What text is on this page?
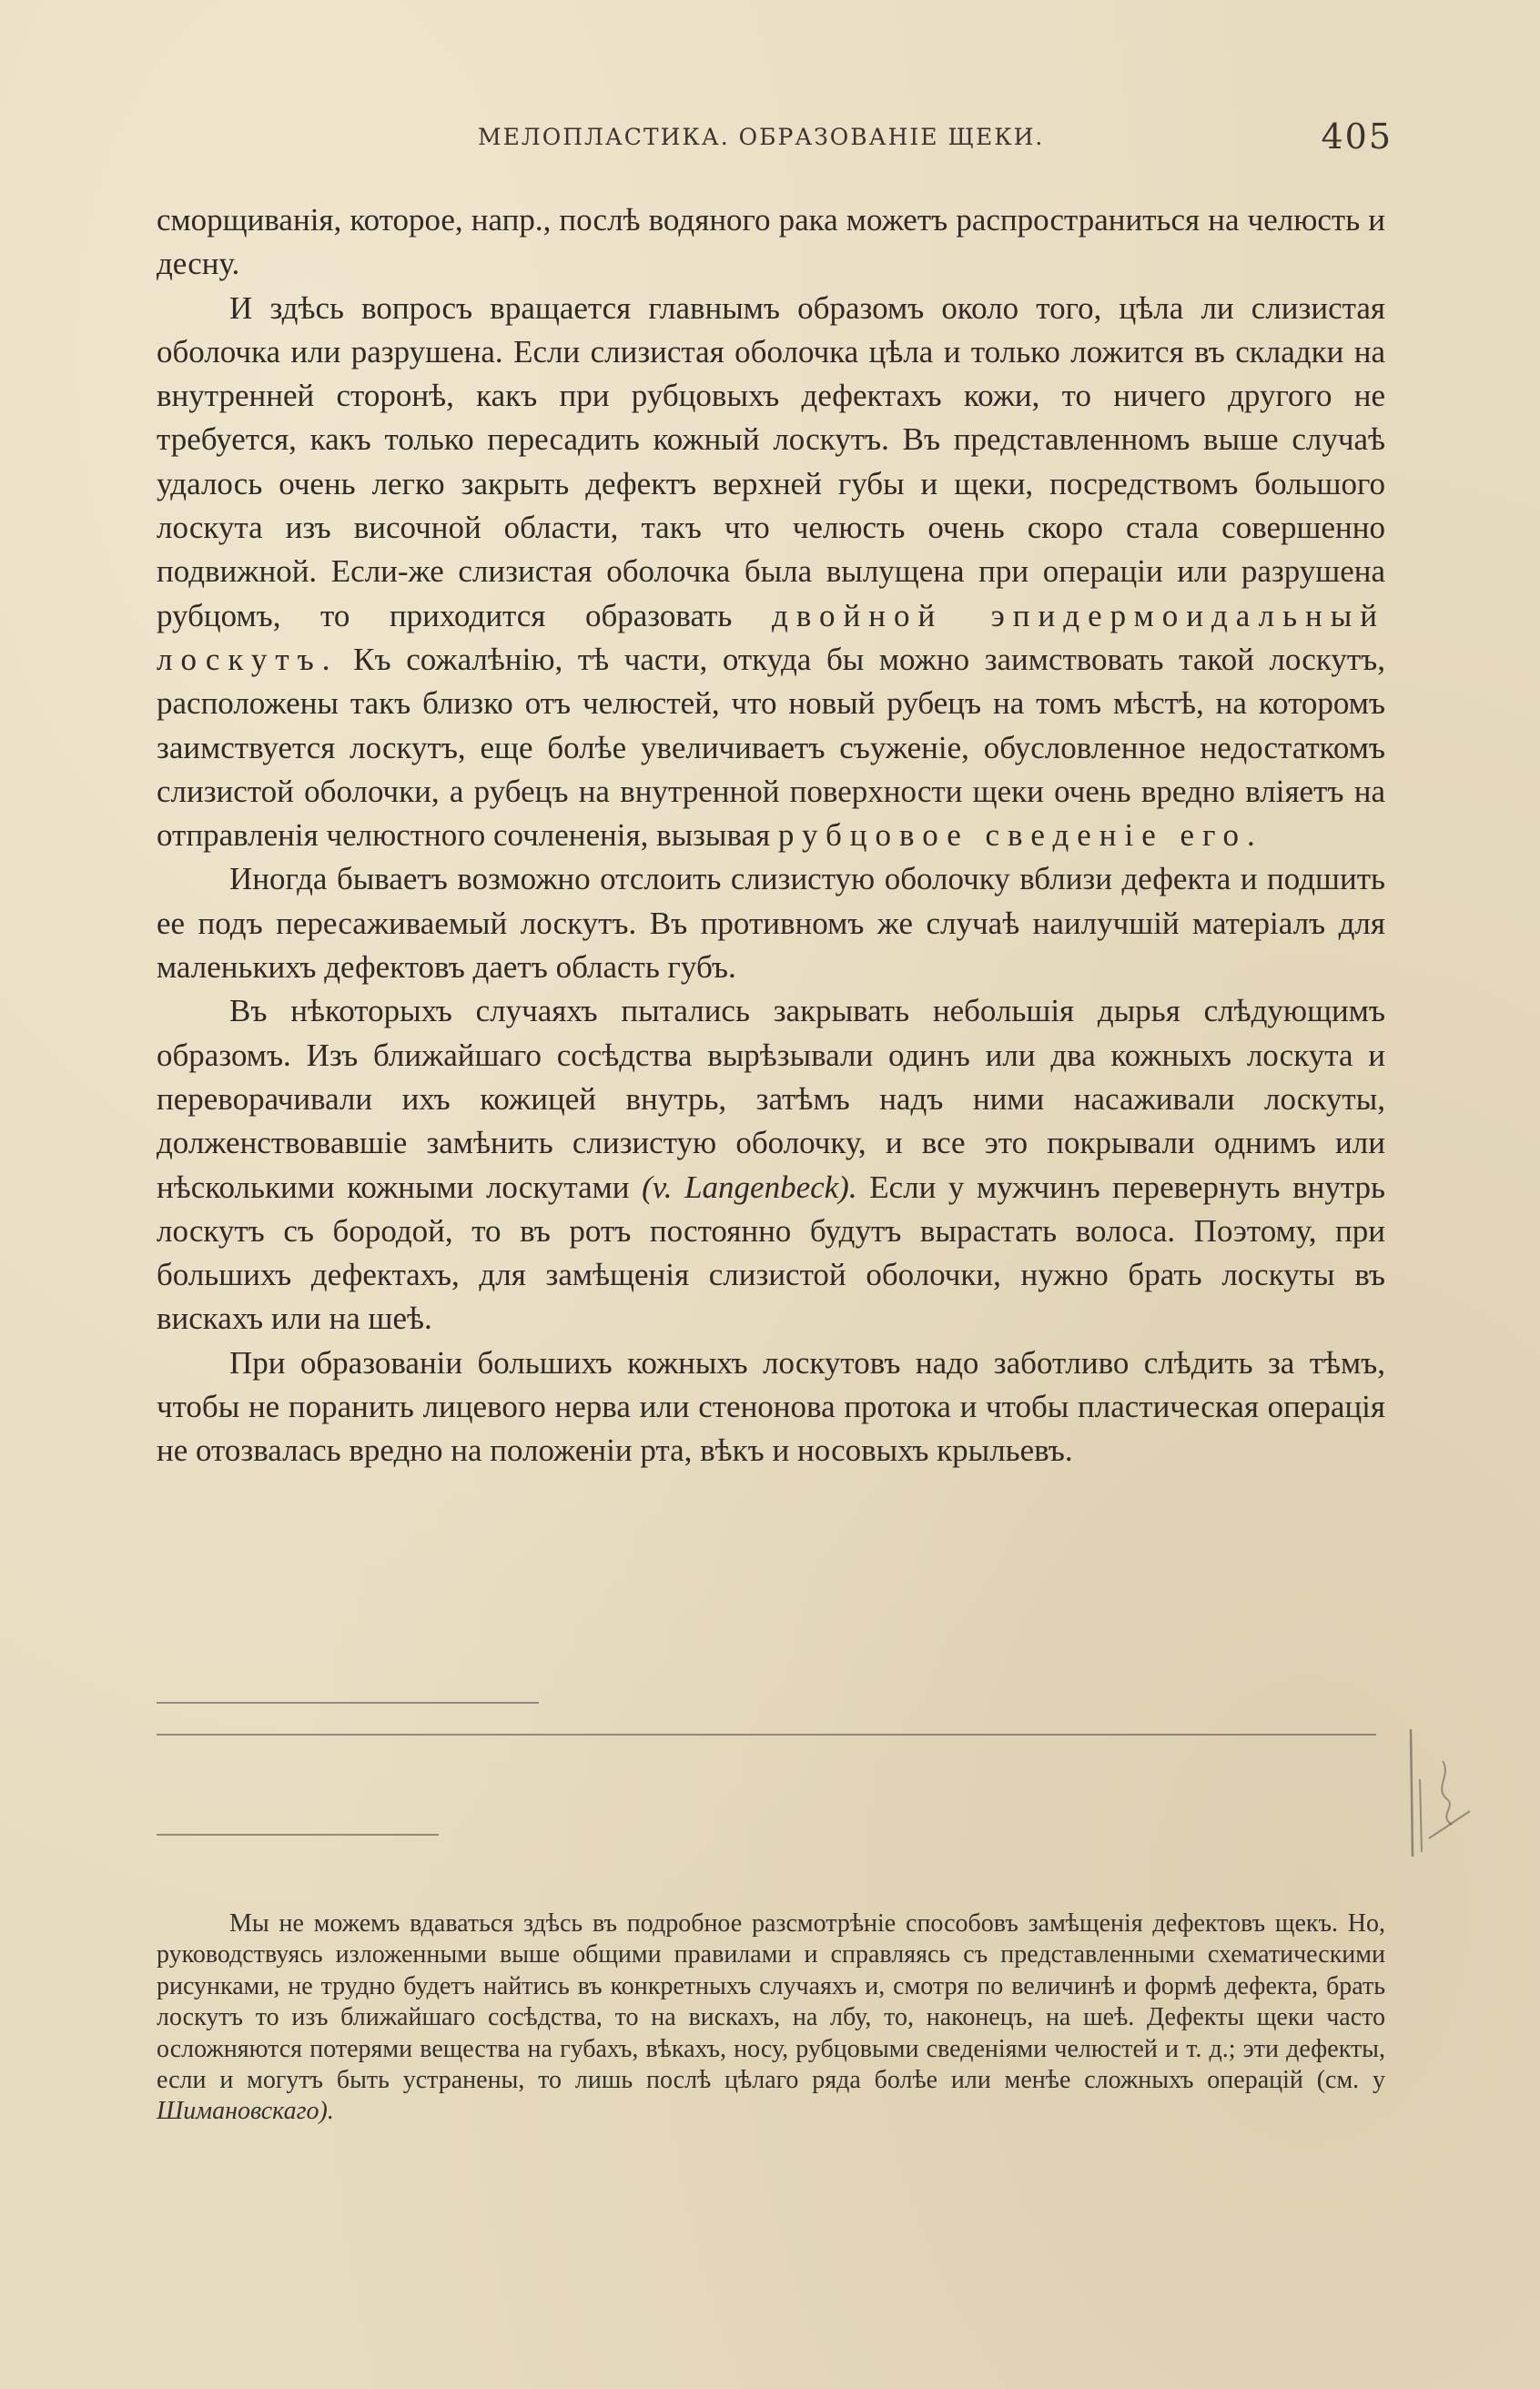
МЕЛОПЛАСТИКА. ОБРАЗОВАНІЕ ЩЕКИ.	405

сморщиванія, которое, напр., послѣ водяного рака можетъ распространиться на челюсть и десну.

И здѣсь вопросъ вращается главнымъ образомъ около того, цѣла ли слизистая оболочка или разрушена. Если слизистая оболочка цѣла и только ложится въ складки на внутренней сторонѣ, какъ при рубцовыхъ дефектахъ кожи, то ничего другого не требуется, какъ только пересадить кожный лоскутъ. Въ представленномъ выше случаѣ удалось очень легко закрыть дефектъ верхней губы и щеки, посредствомъ большого лоскута изъ височной области, такъ что челюсть очень скоро стала совершенно подвижной. Если-же слизистая оболочка была вылущена при операціи или разрушена рубцомъ, то приходится образовать двойной эпидермоидальный лоскутъ. Къ сожалѣнію, тѣ части, откуда бы можно заимствовать такой лоскутъ, расположены такъ близко отъ челюстей, что новый рубецъ на томъ мѣстѣ, на которомъ заимствуется лоскутъ, еще болѣе увеличиваетъ съуженіе, обусловленное недостаткомъ слизистой оболочки, а рубецъ на внутренной поверхности щеки очень вредно вліяетъ на отправленія челюстного сочлененія, вызывая рубцовое сведеніе его.

Иногда бываетъ возможно отслоить слизистую оболочку вблизи дефекта и подшить ее подъ пересаживаемый лоскутъ. Въ противномъ же случаѣ наилучшій матеріалъ для маленькихъ дефектовъ даетъ область губъ.

Въ нѣкоторыхъ случаяхъ пытались закрывать небольшія дырья слѣдующимъ образомъ. Изъ ближайшаго сосѣдства вырѣзывали одинъ или два кожныхъ лоскута и переворачивали ихъ кожицей внутрь, затѣмъ надъ ними насаживали лоскуты, долженствовавшіе замѣнить слизистую оболочку, и все это покрывали однимъ или нѣсколькими кожными лоскутами (v. Langenbeck). Если у мужчинъ перевернуть внутрь лоскутъ съ бородой, то въ ротъ постоянно будутъ вырастать волоса. Поэтому, при большихъ дефектахъ, для замѣщенія слизистой оболочки, нужно брать лоскуты въ вискахъ или на шеѣ.

При образованіи большихъ кожныхъ лоскутовъ надо заботливо слѣдить за тѣмъ, чтобы не поранить лицевого нерва или стенонова протока и чтобы пластическая операція не отозвалась вредно на положеніи рта, вѣкъ и носовыхъ крыльевъ.

Мы не можемъ вдаваться здѣсь въ подробное разсмотрѣніе способовъ замѣщенія дефектовъ щекъ. Но, руководствуясь изложенными выше общими правилами и справляясь съ представленными схематическими рисунками, не трудно будетъ найтись въ конкретныхъ случаяхъ и, смотря по величинѣ и формѣ дефекта, брать лоскутъ то изъ ближайшаго сосѣдства, то на вискахъ, на лбу, то, наконецъ, на шеѣ. Дефекты щеки часто осложняются потерями вещества на губахъ, вѣкахъ, носу, рубцовыми сведеніями челюстей и т. д.; эти дефекты, если и могутъ быть устранены, то лишь послѣ цѣлаго ряда болѣе или менѣе сложныхъ операцій (см. у Шимановскаго).
